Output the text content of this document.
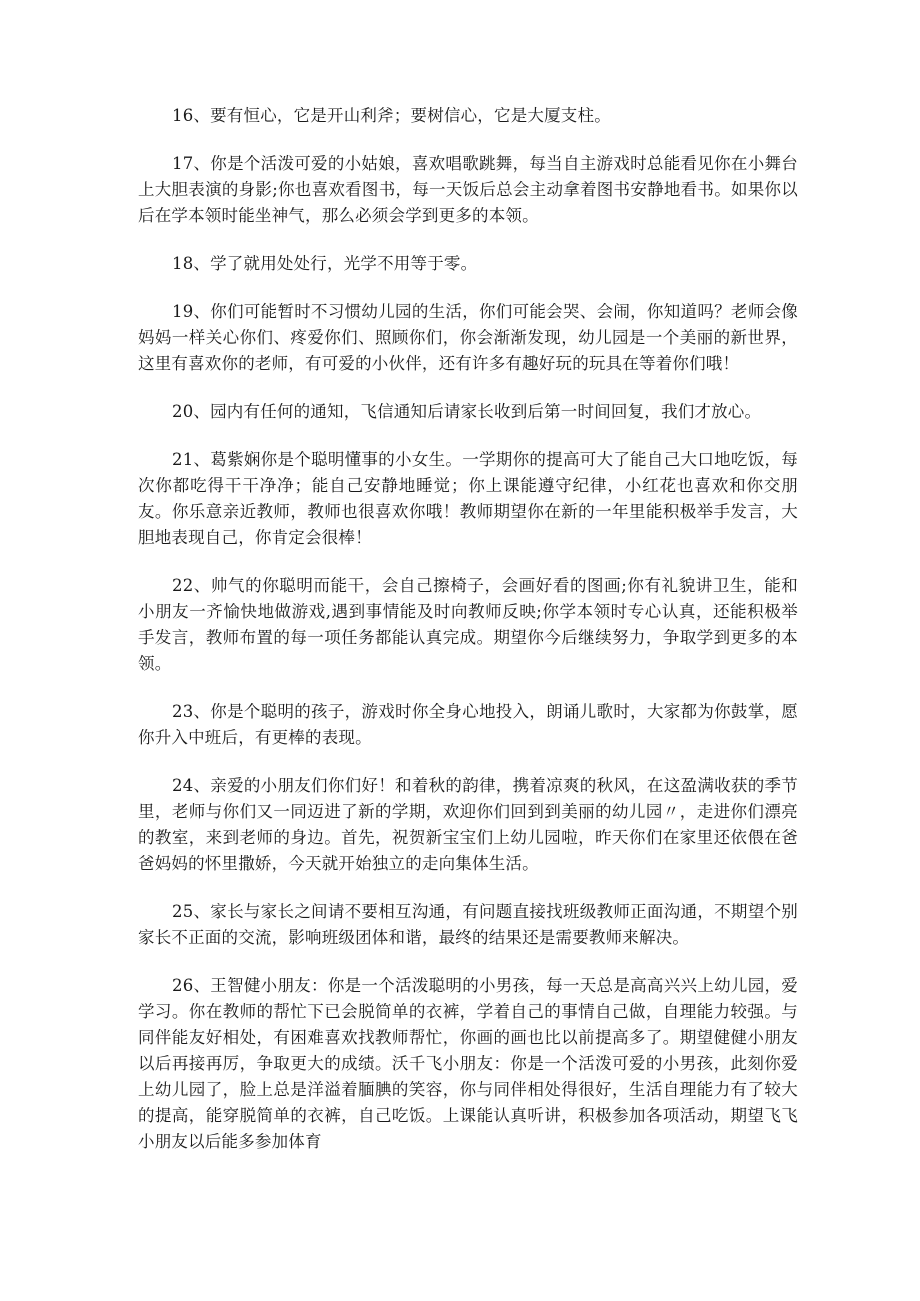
16、要有恒心，它是开山利斧；要树信心，它是大厦支柱。

17、你是个活泼可爱的小姑娘，喜欢唱歌跳舞，每当自主游戏时总能看见你在小舞台上大胆表演的身影;你也喜欢看图书，每一天饭后总会主动拿着图书安静地看书。如果你以后在学本领时能坐神气，那么必须会学到更多的本领。

18、学了就用处处行，光学不用等于零。

19、你们可能暂时不习惯幼儿园的生活，你们可能会哭、会闹，你知道吗？老师会像妈妈一样关心你们、疼爱你们、照顾你们，你会渐渐发现，幼儿园是一个美丽的新世界，这里有喜欢你的老师，有可爱的小伙伴，还有许多有趣好玩的玩具在等着你们哦！

20、园内有任何的通知，飞信通知后请家长收到后第一时间回复，我们才放心。

21、葛紫娴你是个聪明懂事的小女生。一学期你的提高可大了能自己大口地吃饭，每次你都吃得干干净净；能自己安静地睡觉；你上课能遵守纪律，小红花也喜欢和你交朋友。你乐意亲近教师，教师也很喜欢你哦！教师期望你在新的一年里能积极举手发言，大胆地表现自己，你肯定会很棒！

22、帅气的你聪明而能干，会自己擦椅子，会画好看的图画;你有礼貌讲卫生，能和小朋友一齐愉快地做游戏,遇到事情能及时向教师反映;你学本领时专心认真，还能积极举手发言，教师布置的每一项任务都能认真完成。期望你今后继续努力，争取学到更多的本领。

23、你是个聪明的孩子，游戏时你全身心地投入，朗诵儿歌时，大家都为你鼓掌，愿你升入中班后，有更棒的表现。

24、亲爱的小朋友们你们好！和着秋的韵律，携着凉爽的秋风，在这盈满收获的季节里，老师与你们又一同迈进了新的学期，欢迎你们回到到美丽的幼儿园〃，走进你们漂亮的教室，来到老师的身边。首先，祝贺新宝宝们上幼儿园啦，昨天你们在家里还依偎在爸爸妈妈的怀里撒娇，今天就开始独立的走向集体生活。

25、家长与家长之间请不要相互沟通，有问题直接找班级教师正面沟通，不期望个别家长不正面的交流，影响班级团体和谐，最终的结果还是需要教师来解决。

26、王智健小朋友：你是一个活泼聪明的小男孩，每一天总是高高兴兴上幼儿园，爱学习。你在教师的帮忙下已会脱简单的衣裤，学着自己的事情自己做，自理能力较强。与同伴能友好相处，有困难喜欢找教师帮忙，你画的画也比以前提高多了。期望健健小朋友以后再接再厉，争取更大的成绩。沃千飞小朋友：你是一个活泼可爱的小男孩，此刻你爱上幼儿园了，脸上总是洋溢着腼腆的笑容，你与同伴相处得很好，生活自理能力有了较大的提高，能穿脱简单的衣裤，自己吃饭。上课能认真听讲，积极参加各项活动，期望飞飞小朋友以后能多参加体育
